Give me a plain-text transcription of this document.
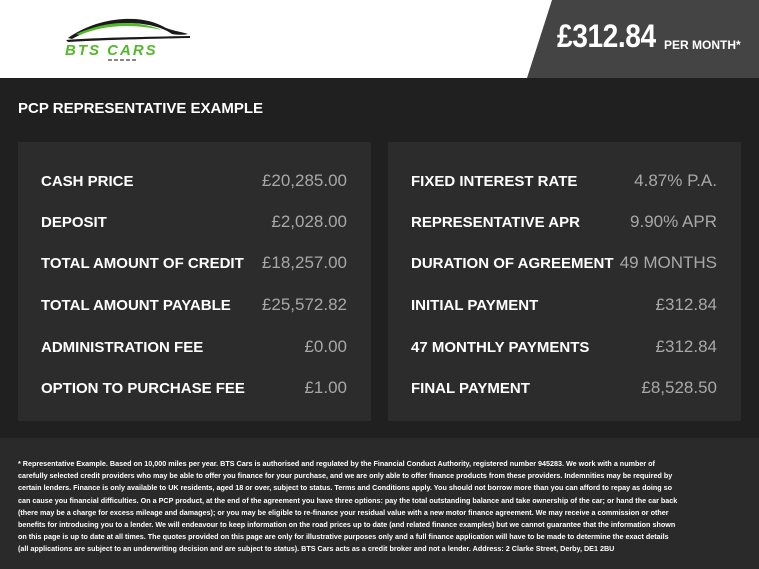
BTS CARS	£312.84 PER MONTH*
PCP REPRESENTATIVE EXAMPLE
CASH PRICE	£20,285.00
DEPOSIT	£2,028.00
TOTAL AMOUNT OF CREDIT £18,257.00
TOTAL AMOUNT PAYABLE £25,572.82
ADMINISTRATION FEE	£0.00
OPTION TO PURCHASE FEE	£1.00
FIXED INTEREST RATE	4.87% P.A.
REPRESENTATIVE APR	9.90% APR
DURATION OF AGREEMENT 49 MONTHS
INITIAL PAYMENT	£312.84
47 MONTHLY PAYMENTS	£312.84
FINAL PAYMENT	£8,528.50
* Representative Example. Based on 10,000 miles per year. BTS Cars is authorised and regulated by the Financial Conduct Authority, registered number 945283. We work with a number of carefully selected credit providers who may be able to offer you finance for your purchase, and we are only able to offer finance products from these providers. Indemnities may be required by certain lenders. Finance is only available to UK residents, aged 18 or over, subject to status. Terms and Conditions apply. You should not borrow more than you can afford to repay as doing so can cause you financial difficulties. On a PCP product, at the end of the agreement you have three options: pay the total outstanding balance and take ownership of the car; or hand the car back (there may be a charge for excess mileage and damages); or you may be eligible to re-finance your residual value with a new motor finance agreement. We may receive a commission or other benefits for introducing you to a lender. We will endeavour to keep information on the road prices up to date (and related finance examples) but we cannot guarantee that the information shown on this page is up to date at all times. The quotes provided on this page are only for illustrative purposes only and a full finance application will have to be made to determine the exact details (all applications are subject to an underwriting decision and are subject to status). BTS Cars acts as a credit broker and not a lender. Address: 2 Clarke Street, Derby, DE1 2BU
